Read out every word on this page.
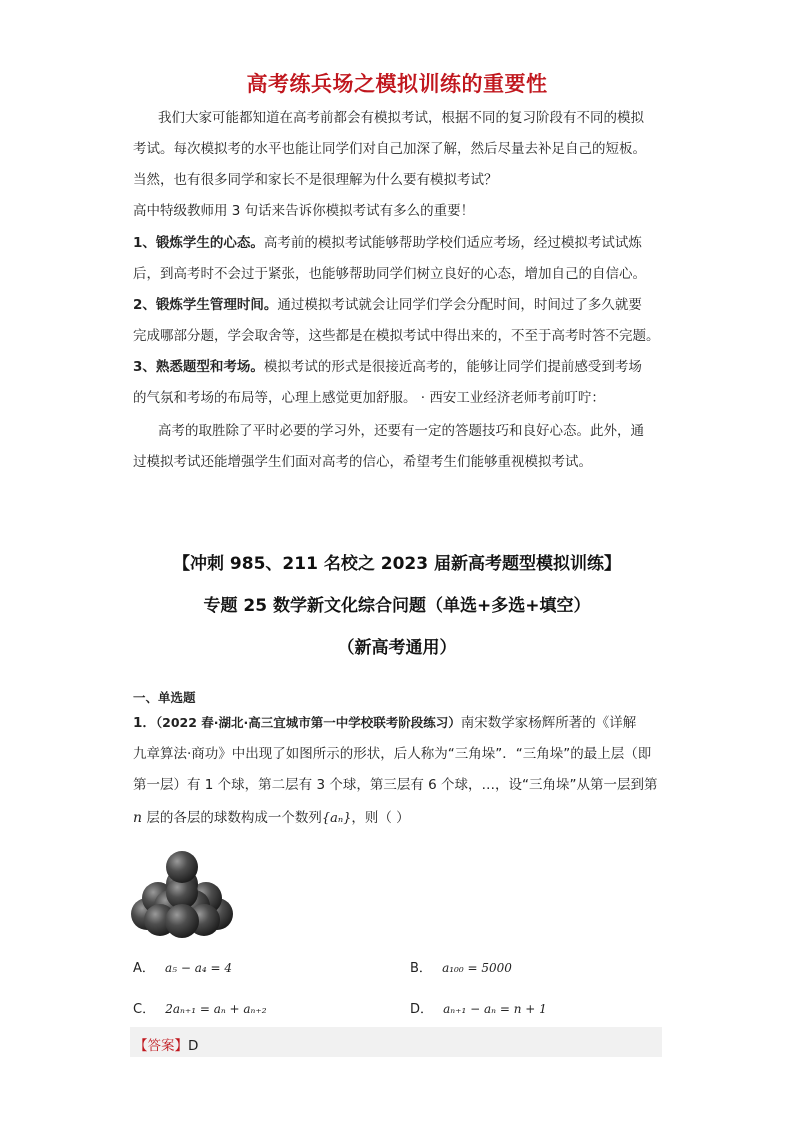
高考练兵场之模拟训练的重要性
我们大家可能都知道在高考前都会有模拟考试，根据不同的复习阶段有不同的模拟
考试。每次模拟考的水平也能让同学们对自己加深了解，然后尽量去补足自己的短板。
当然，也有很多同学和家长不是很理解为什么要有模拟考试？
高中特级教师用 3 句话来告诉你模拟考试有多么的重要！
1、锻炼学生的心态。高考前的模拟考试能够帮助学校们适应考场，经过模拟考试试炼
后，到高考时不会过于紧张，也能够帮助同学们树立良好的心态，增加自己的自信心。
2、锻炼学生管理时间。通过模拟考试就会让同学们学会分配时间，时间过了多久就要
完成哪部分题，学会取舍等，这些都是在模拟考试中得出来的，不至于高考时答不完题。
3、熟悉题型和考场。模拟考试的形式是很接近高考的，能够让同学们提前感受到考场
的气氛和考场的布局等，心理上感觉更加舒服。 · 西安工业经济老师考前叮咛：
高考的取胜除了平时必要的学习外，还要有一定的答题技巧和良好心态。此外，通
过模拟考试还能增强学生们面对高考的信心，希望考生们能够重视模拟考试。
【冲刺 985、211 名校之 2023 届新高考题型模拟训练】
专题 25 数学新文化综合问题（单选+多选+填空）
（新高考通用）
一、单选题
1．（2022 春·湖北·高三宜城市第一中学校联考阶段练习）南宋数学家杨辉所著的《详解
九章算法·商功》中出现了如图所示的形状，后人称为“三角垛”．“三角垛”的最上层（即
第一层）有 1 个球，第二层有 3 个球，第三层有 6 个球，…，设“三角垛”从第一层到第
n 层的各层的球数构成一个数列{aₙ}，则（ ）
A． a₅ − a₄ = 4	B． a₁₀₀ = 5000
C． 2aₙ₊₁ = aₙ + aₙ₊₂	D． aₙ₊₁ − aₙ = n + 1
【答案】D
